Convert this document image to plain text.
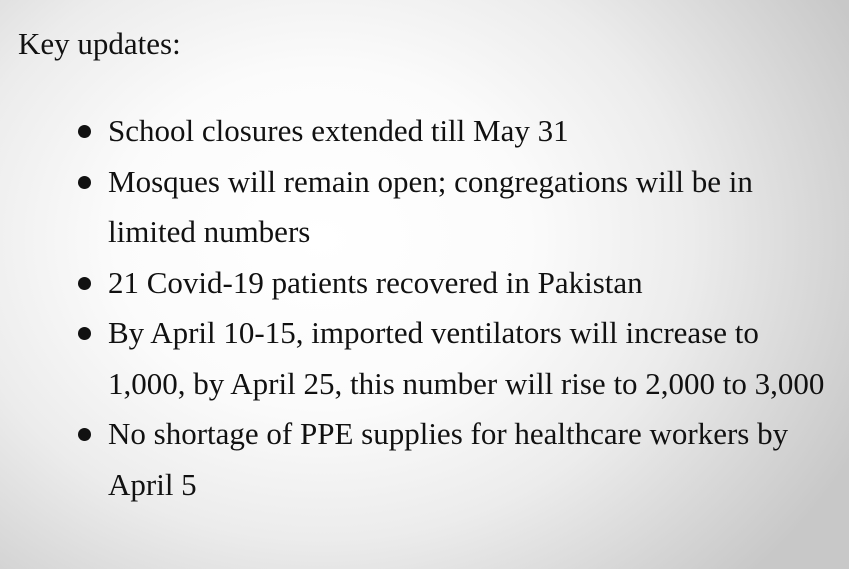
Key updates:

School closures extended till May 31
Mosques will remain open; congregations will be in limited numbers
21 Covid-19 patients recovered in Pakistan
By April 10-15, imported ventilators will increase to 1,000, by April 25, this number will rise to 2,000 to 3,000
No shortage of PPE supplies for healthcare workers by April 5
